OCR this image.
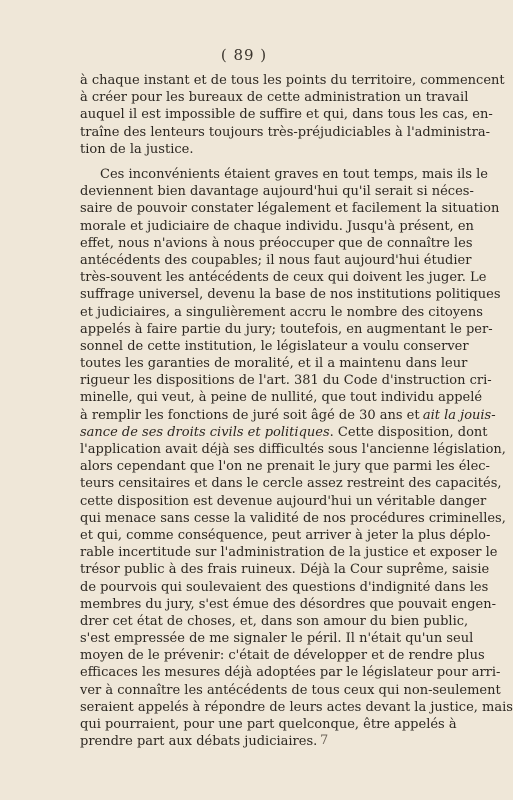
( 89 )
à chaque instant et de tous les points du territoire, commencent
à créer pour les bureaux de cette administration un travail
auquel il est impossible de suffire et qui, dans tous les cas, en-
traîne des lenteurs toujours très-préjudiciables à l'administra-
tion de la justice.
Ces inconvénients étaient graves en tout temps, mais ils le
deviennent bien davantage aujourd'hui qu'il serait si néces-
saire de pouvoir constater légalement et facilement la situation
morale et judiciaire de chaque individu. Jusqu'à présent, en
effet, nous n'avions à nous préoccuper que de connaître les
antécédents des coupables; il nous faut aujourd'hui étudier
très-souvent les antécédents de ceux qui doivent les juger. Le
suffrage universel, devenu la base de nos institutions politiques
et judiciaires, a singulièrement accru le nombre des citoyens
appelés à faire partie du jury; toutefois, en augmentant le per-
sonnel de cette institution, le législateur a voulu conserver
toutes les garanties de moralité, et il a maintenu dans leur
rigueur les dispositions de l'art. 381 du Code d'instruction cri-
minelle, qui veut, à peine de nullité, que tout individu appelé
à remplir les fonctions de juré soit âgé de 30 ans et  ait la jouis-
sance de ses droits civils et politiques. Cette disposition, dont
l'application avait déjà ses difficultés sous l'ancienne législation,
alors cependant que l'on ne prenait le jury que parmi les élec-
teurs censitaires et dans le cercle assez restreint des capacités,
cette disposition est devenue aujourd'hui un véritable danger
qui menace sans cesse la validité de nos procédures criminelles,
et qui, comme conséquence, peut arriver à jeter la plus déplo-
rable incertitude sur l'administration de la justice et exposer le
trésor public à des frais ruineux. Déjà la Cour suprême, saisie
de pourvois qui soulevaient des questions d'indignité dans les
membres du jury, s'est émue des désordres que pouvait engen-
drer cet état de choses, et, dans son amour du bien public,
s'est empressée de me signaler le péril. Il n'était qu'un seul
moyen de le prévenir: c'était de développer et de rendre plus
efficaces les mesures déjà adoptées par le législateur pour arri-
ver à connaître les antécédents de tous ceux qui non-seulement
seraient appelés à répondre de leurs actes devant la justice, mais
qui pourraient, pour une part quelconque, être appelés à
prendre part aux débats judiciaires. 7
